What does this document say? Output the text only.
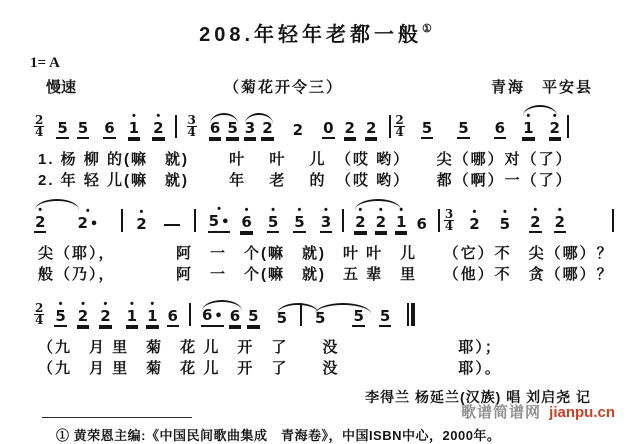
208.年轻年老都一般①
1= A
慢速	（菊花开令三）	青海　平安县
2
4 5 5 6
•
1
•
2 3
4 6 5 3 2 2 0 2 2 2
4 5 5 6
•
1
•
2
1. 杨 柳 的(嘛　就)　　 叶　 叶　 儿　（哎 哟）　　尖（哪）对（了）
2. 年 轻 儿(嘛　就)　　 年　 老　 的　（哎 哟）　　都（啊）一（了）
•
2
•
2 •
•
2
•
5 •
•
6
•
5
•
5
•
3
•
2
•
2
•
1 6
3
4
•
2
•
5
•
2
•
2
尖（耶），　　　　阿　一　个(嘛　就)　叶 叶　儿　　（它）不　尖（哪）？
般（乃），　　　　阿　一　个(嘛　就)　五 辈　里　　（他）不　贪（哪）？
2
4
•
5
•
2
•
2
•
1
•
1 6 6 • 6 5 5 5 5 5
（九　月 里　菊　花 儿　开　了　　没　　　　　　　耶）；
（九　月 里　菊　花 儿　开　了　　没　　　　　　　耶）。
李得兰 杨延兰(汉族) 唱 刘启尧 记
① 黄荣恩主编:《中国民间歌曲集成　青海卷》，中国ISBN中心，2000年。
歌谱简谱网 jianpu.cn
